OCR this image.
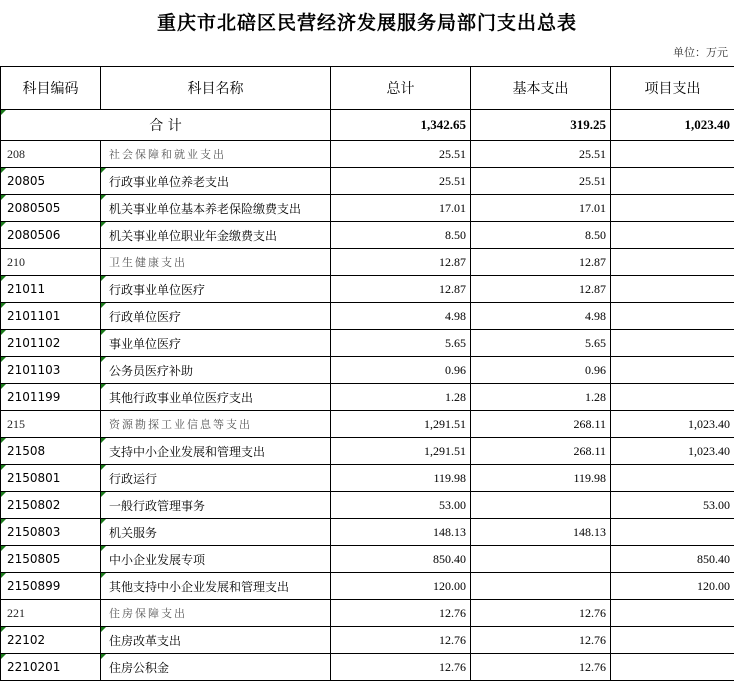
重庆市北碚区民营经济发展服务局部门支出总表
单位：万元
科目编码	科目名称	总计	基本支出	项目支出
合 计		1,342.65	319.25	1,023.40
208	社会保障和就业支出	25.51	25.51	
20805	行政事业单位养老支出	25.51	25.51	
2080505	机关事业单位基本养老保险缴费支出	17.01	17.01	
2080506	机关事业单位职业年金缴费支出	8.50	8.50	
210	卫生健康支出	12.87	12.87	
21011	行政事业单位医疗	12.87	12.87	
2101101	行政单位医疗	4.98	4.98	
2101102	事业单位医疗	5.65	5.65	
2101103	公务员医疗补助	0.96	0.96	
2101199	其他行政事业单位医疗支出	1.28	1.28	
215	资源勘探工业信息等支出	1,291.51	268.11	1,023.40
21508	支持中小企业发展和管理支出	1,291.51	268.11	1,023.40
2150801	行政运行	119.98	119.98	
2150802	一般行政管理事务	53.00		53.00
2150803	机关服务	148.13	148.13	
2150805	中小企业发展专项	850.40		850.40
2150899	其他支持中小企业发展和管理支出	120.00		120.00
221	住房保障支出	12.76	12.76	
22102	住房改革支出	12.76	12.76	
2210201	住房公积金	12.76	12.76	
